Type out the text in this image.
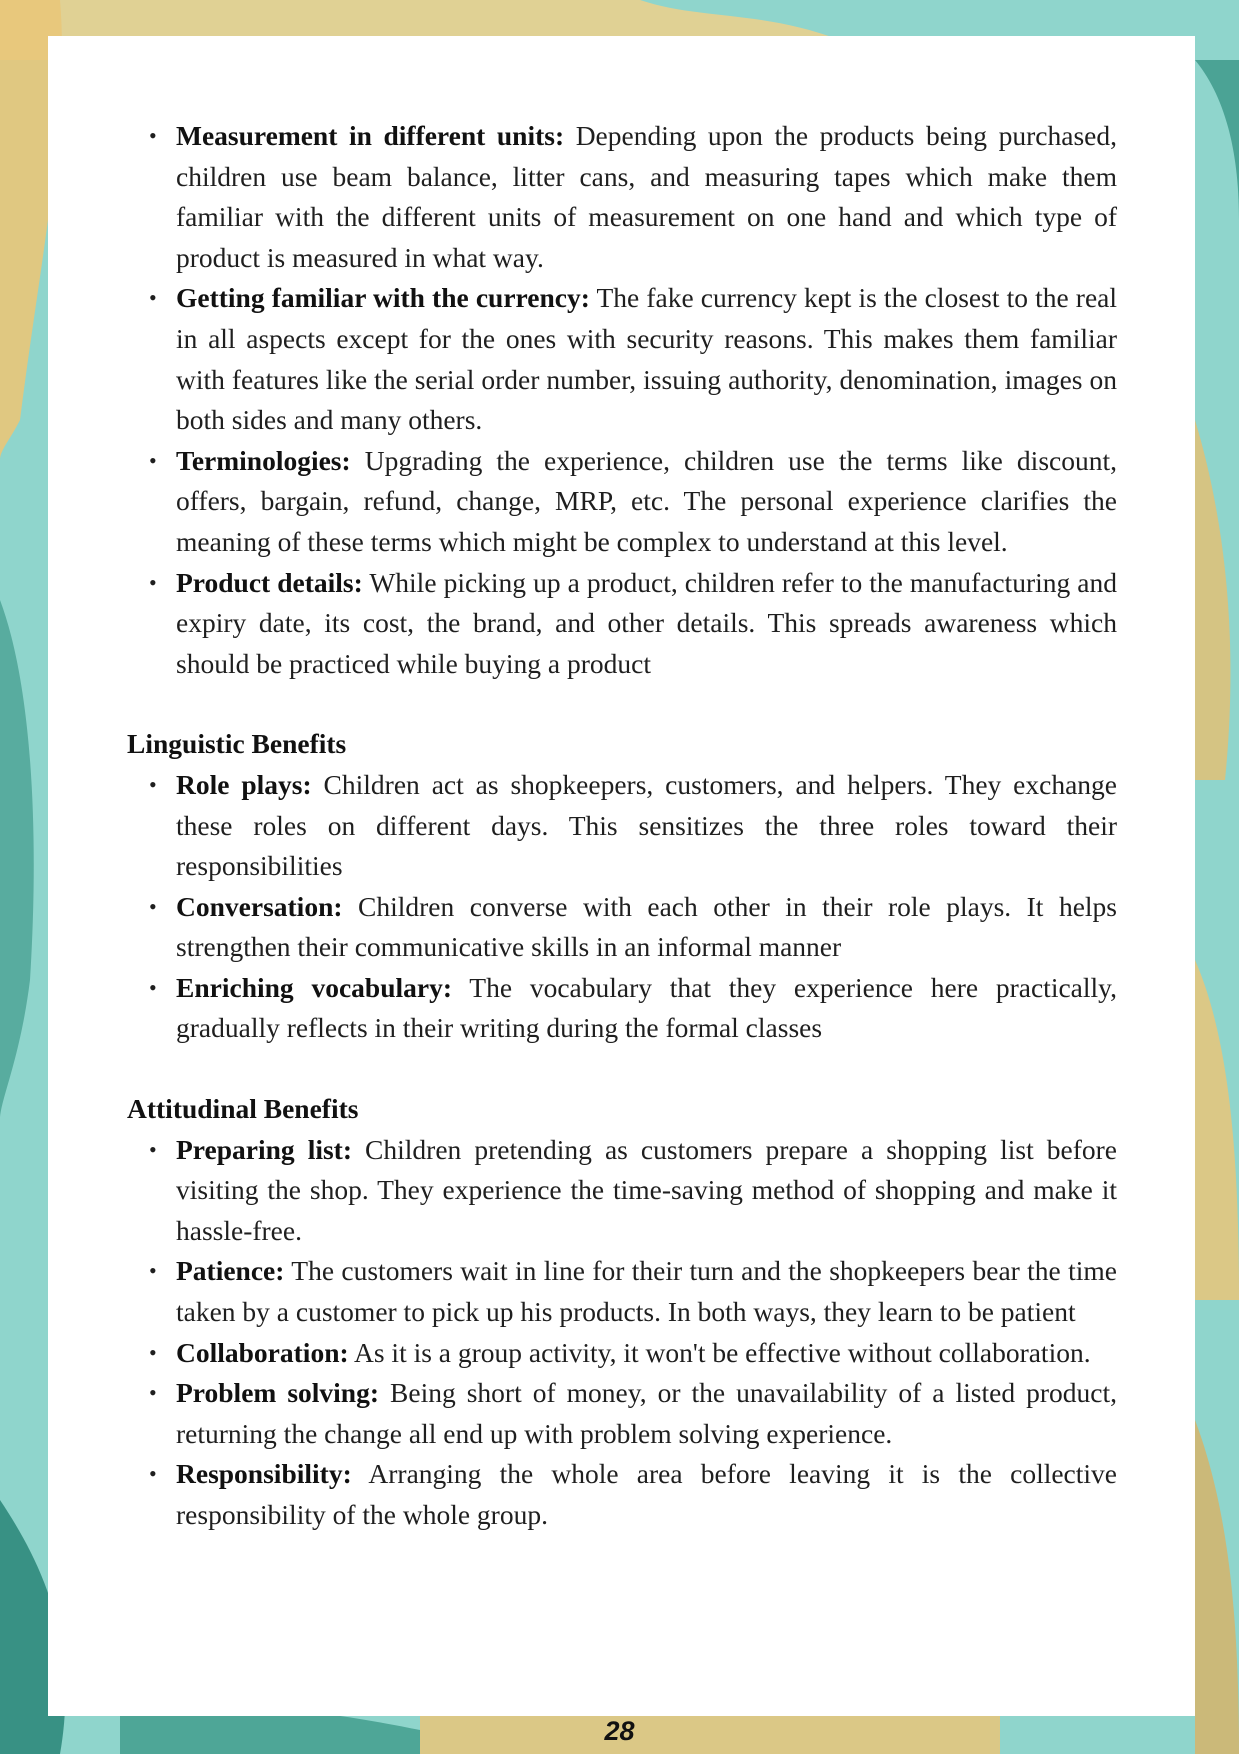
• Measurement in different units: Depending upon the products being purchased, children use beam balance, litter cans, and measuring tapes which make them familiar with the different units of measurement on one hand and which type of product is measured in what way.
• Getting familiar with the currency: The fake currency kept is the closest to the real in all aspects except for the ones with security reasons. This makes them familiar with features like the serial order number, issuing authority, denomination, images on both sides and many others.
• Terminologies: Upgrading the experience, children use the terms like discount, offers, bargain, refund, change, MRP, etc. The personal experience clarifies the meaning of these terms which might be complex to understand at this level.
• Product details: While picking up a product, children refer to the manufacturing and expiry date, its cost, the brand, and other details. This spreads awareness which should be practiced while buying a product
Linguistic Benefits
• Role plays: Children act as shopkeepers, customers, and helpers. They exchange these roles on different days. This sensitizes the three roles toward their responsibilities
• Conversation: Children converse with each other in their role plays. It helps strengthen their communicative skills in an informal manner
• Enriching vocabulary: The vocabulary that they experience here practically, gradually reflects in their writing during the formal classes
Attitudinal Benefits
• Preparing list: Children pretending as customers prepare a shopping list before visiting the shop. They experience the time-saving method of shopping and make it hassle-free.
• Patience: The customers wait in line for their turn and the shopkeepers bear the time taken by a customer to pick up his products. In both ways, they learn to be patient
• Collaboration: As it is a group activity, it won't be effective without collaboration.
• Problem solving: Being short of money, or the unavailability of a listed product, returning the change all end up with problem solving experience.
• Responsibility: Arranging the whole area before leaving it is the collective responsibility of the whole group.
28
